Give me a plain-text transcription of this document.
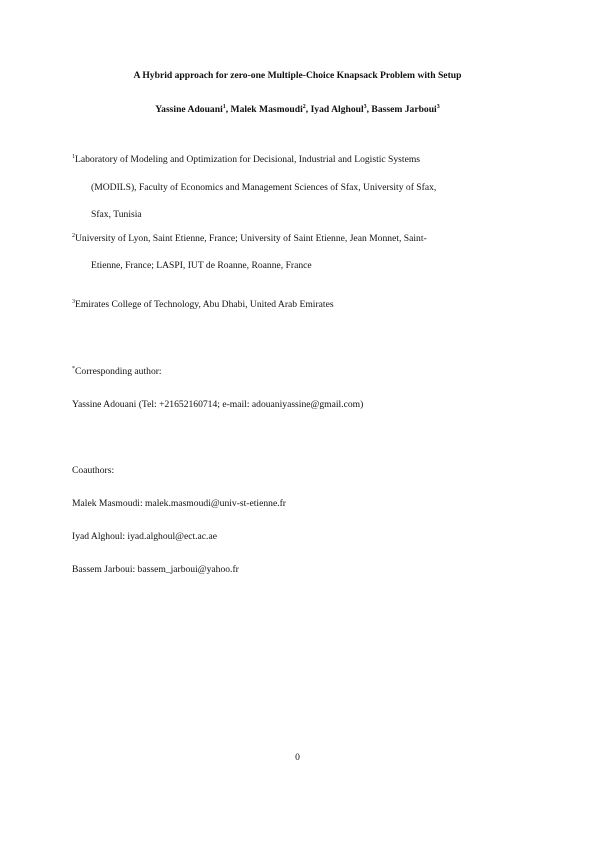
A Hybrid approach for zero-one Multiple-Choice Knapsack Problem with Setup
Yassine Adouani$^1$, Malek Masmoudi$^2$, Iyad Alghoul$^3$, Bassem Jarboui$^3$
$^1$Laboratory of Modeling and Optimization for Decisional, Industrial and Logistic Systems
(MODILS), Faculty of Economics and Management Sciences of Sfax, University of Sfax,
Sfax, Tunisia
$^2$University of Lyon, Saint Etienne, France; University of Saint Etienne, Jean Monnet, Saint-
Etienne, France; LASPI, IUT de Roanne, Roanne, France
$^3$Emirates College of Technology, Abu Dhabi, United Arab Emirates
*Corresponding author:
Yassine Adouani (Tel: +21652160714; e-mail: adouaniyassine@gmail.com)
Coauthors:
Malek Masmoudi: malek.masmoudi@univ-st-etienne.fr
Iyad Alghoul: iyad.alghoul@ect.ac.ae
Bassem Jarboui: bassem_jarboui@yahoo.fr
0
